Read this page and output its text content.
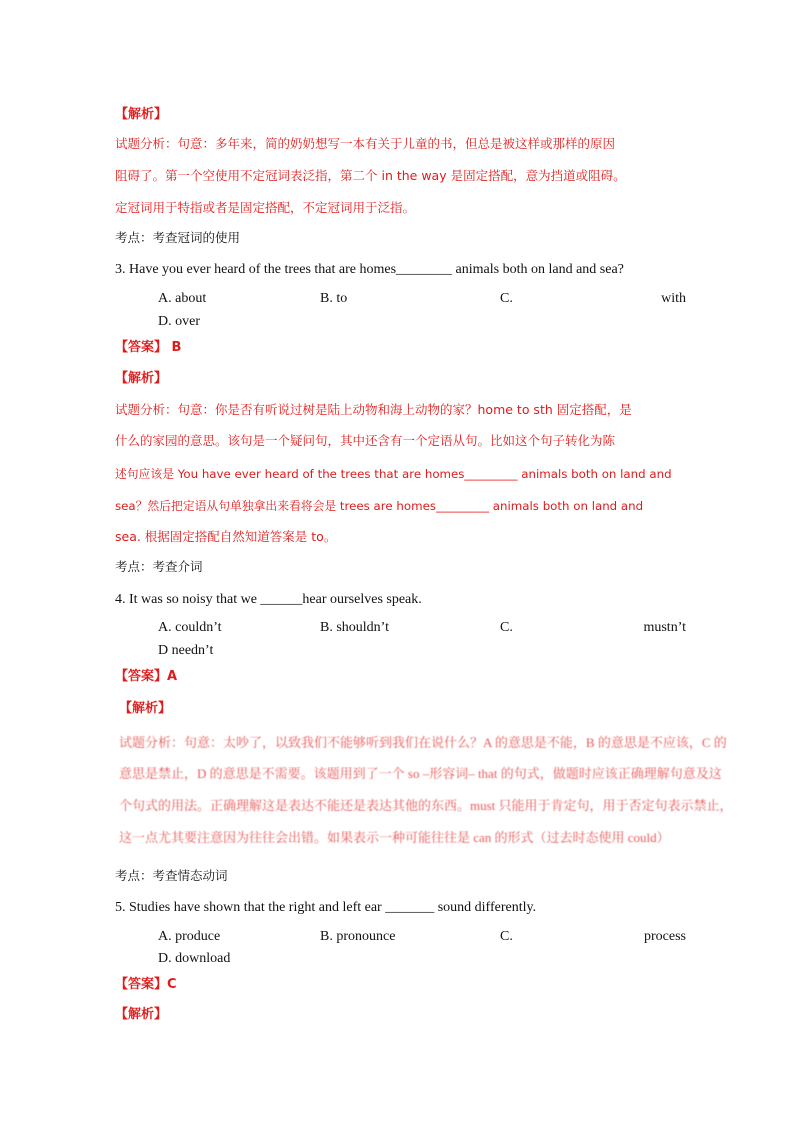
【解析】
试题分析：句意：多年来，简的奶奶想写一本有关于儿童的书，但总是被这样或那样的原因
阻碍了。第一个空使用不定冠词表泛指，第二个 in the way 是固定搭配，意为挡道或阻碍。
定冠词用于特指或者是固定搭配，不定冠词用于泛指。
考点：考查冠词的使用
3. Have you ever heard of the trees that are homes________ animals both on land and sea?
A. about	B. to	C.	with
D. over
【答案】 B
【解析】
试题分析：句意：你是否有听说过树是陆上动物和海上动物的家？home to sth 固定搭配，是
什么的家园的意思。该句是一个疑问句，其中还含有一个定语从句。比如这个句子转化为陈
述句应该是 You have ever heard of the trees that are homes_________ animals both on land and
sea？然后把定语从句单独拿出来看将会是 trees are homes_________ animals both on land and
sea. 根据固定搭配自然知道答案是 to。
考点：考查介词
4. It was so noisy that we ______hear ourselves speak.
A. couldn’t	B. shouldn’t	C.	mustn’t
D needn’t
【答案】A
【解析】
试题分析：句意：太吵了，以致我们不能够听到我们在说什么？A 的意思是不能，B 的意思是不应该，C 的
意思是禁止，D 的意思是不需要。该题用到了一个 so –形容词– that 的句式，做题时应该正确理解句意及这
个句式的用法。正确理解这是表达不能还是表达其他的东西。must 只能用于肯定句，用于否定句表示禁止，
这一点尤其要注意因为往往会出错。如果表示一种可能往往是 can 的形式（过去时态使用 could）
考点：考查情态动词
5. Studies have shown that the right and left ear _______ sound differently.
A. produce	B. pronounce	C.	process
D. download
【答案】C
【解析】
